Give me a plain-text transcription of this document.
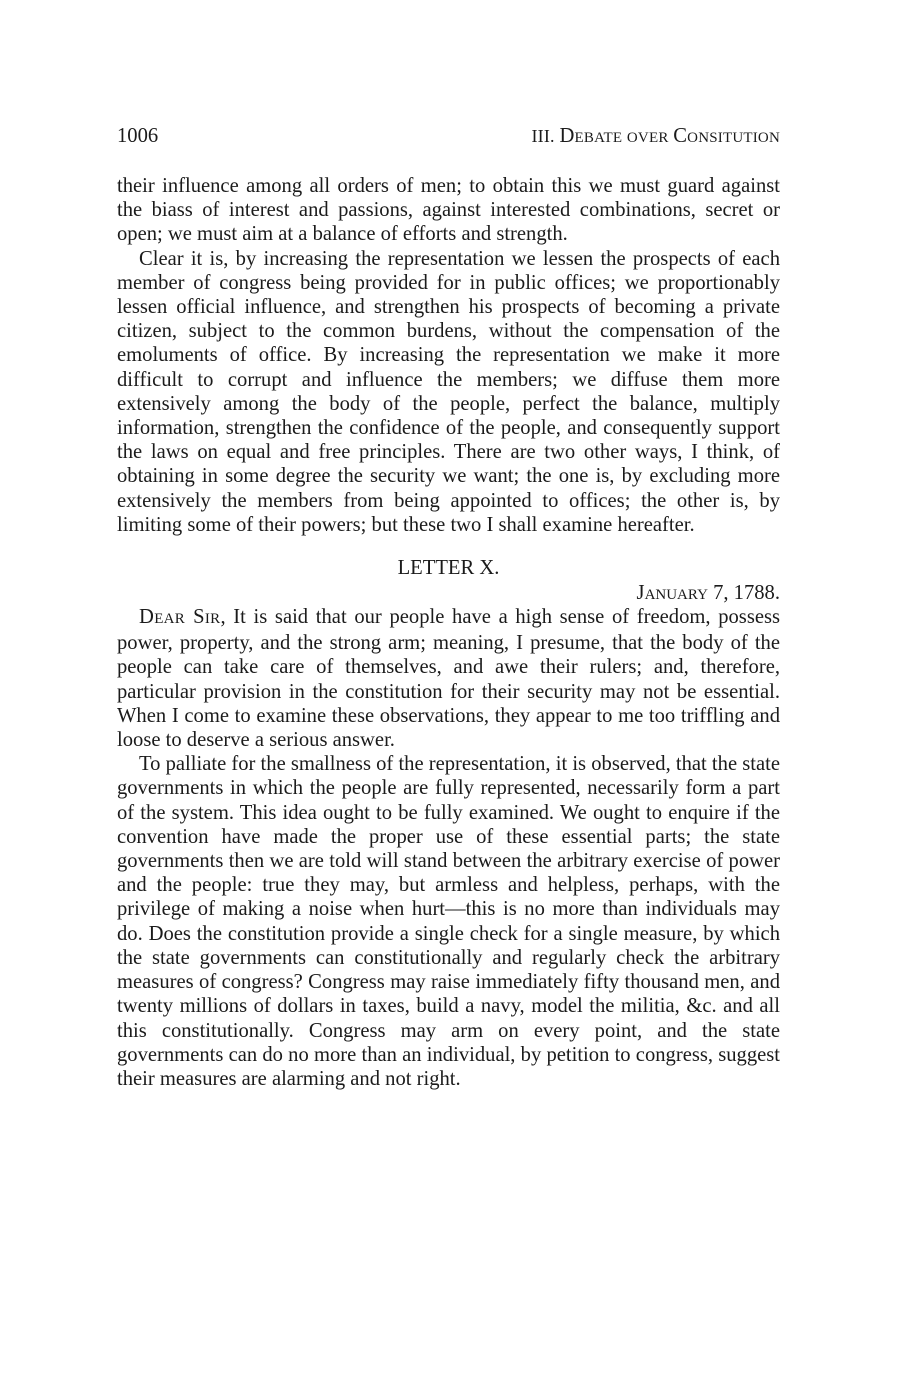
1006	III. DEBATE OVER CONSITUTION

their influence among all orders of men; to obtain this we must guard against the biass of interest and passions, against interested combinations, secret or open; we must aim at a balance of efforts and strength.

Clear it is, by increasing the representation we lessen the prospects of each member of congress being provided for in public offices; we proportionably lessen official influence, and strengthen his prospects of becoming a private citizen, subject to the common burdens, without the compensation of the emoluments of office. By increasing the representation we make it more difficult to corrupt and influence the members; we diffuse them more extensively among the body of the people, perfect the balance, multiply information, strengthen the confidence of the people, and consequently support the laws on equal and free principles. There are two other ways, I think, of obtaining in some degree the security we want; the one is, by excluding more extensively the members from being appointed to offices; the other is, by limiting some of their powers; but these two I shall examine hereafter.

LETTER X.
JANUARY 7, 1788.

DEAR SIR, It is said that our people have a high sense of freedom, possess power, property, and the strong arm; meaning, I presume, that the body of the people can take care of themselves, and awe their rulers; and, therefore, particular provision in the constitution for their security may not be essential. When I come to examine these observations, they appear to me too triffling and loose to deserve a serious answer.

To palliate for the smallness of the representation, it is observed, that the state governments in which the people are fully represented, necessarily form a part of the system. This idea ought to be fully examined. We ought to enquire if the convention have made the proper use of these essential parts; the state governments then we are told will stand between the arbitrary exercise of power and the people: true they may, but armless and helpless, perhaps, with the privilege of making a noise when hurt—this is no more than individuals may do. Does the constitution provide a single check for a single measure, by which the state governments can constitutionally and regularly check the arbitrary measures of congress? Congress may raise immediately fifty thousand men, and twenty millions of dollars in taxes, build a navy, model the militia, &c. and all this constitutionally. Congress may arm on every point, and the state governments can do no more than an individual, by petition to congress, suggest their measures are alarming and not right.
